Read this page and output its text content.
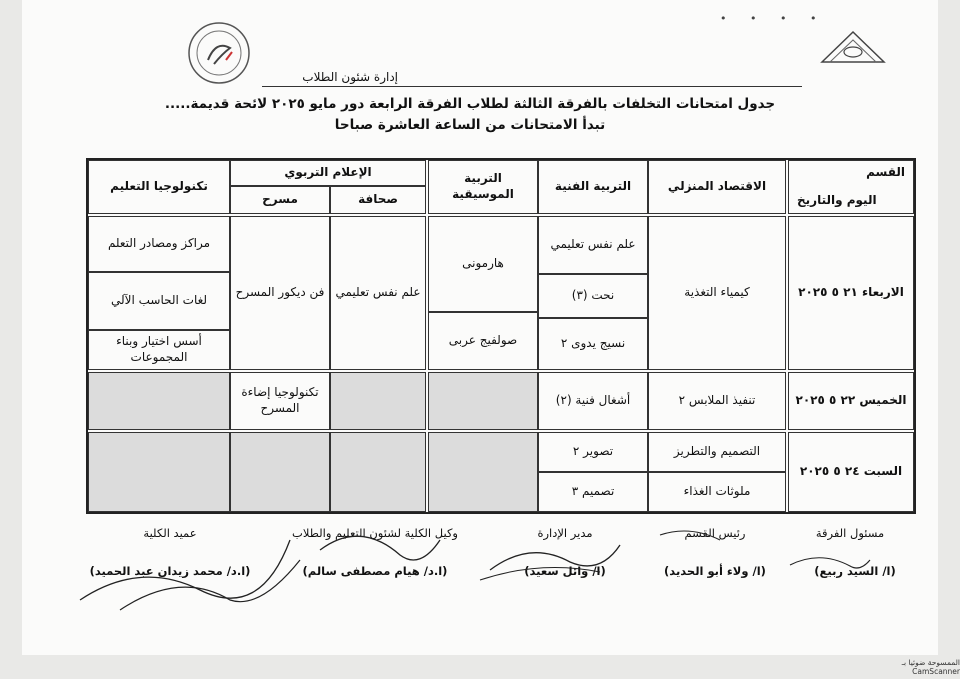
• • • •
إدارة شئون الطلاب
جدول امتحانات التخلفات بالفرقة الثالثة لطلاب الفرقة الرابعة دور مايو ٢٠٢٥ لائحة قديمة.....
تبدأ الامتحانات من الساعة العاشرة صباحا
القسم
اليوم والتاريخ
الاقتصاد المنزلي
التربية الفنية
التربية الموسيقية
الإعلام التربوي
صحافة
مسرح
تكنولوجيا التعليم
الاربعاء ٢١ ٥ ٢٠٢٥
كيمياء التغذية
علم نفس تعليمي
نحت (٣)
نسيج يدوى ٢
هارمونى
صولفيج عربى
علم نفس تعليمي
فن ديكور المسرح
مراكز ومصادر التعلم
لغات الحاسب الآلي
أسس اختيار وبناء المجموعات
الخميس ٢٢ ٥ ٢٠٢٥
تنفيذ الملابس ٢
أشغال فنية (٢)
تكنولوجيا إضاءة المسرح
السبت ٢٤ ٥ ٢٠٢٥
التصميم والتطريز
ملوثات الغذاء
تصوير ٢
تصميم ٣
مسئول الفرقة
رئيس القسم
مدير الإدارة
وكيل الكلية لشئون التعليم والطلاب
عميد الكلية
(ا/ السيد ربيع)
(ا/ ولاء أبو الحديد)
(ا/ وائل سعيد)
(ا.د/ هيام مصطفى سالم)
(ا.د/ محمد زيدان عبد الحميد)
الممسوحة ضوئيا بـ CamScanner
